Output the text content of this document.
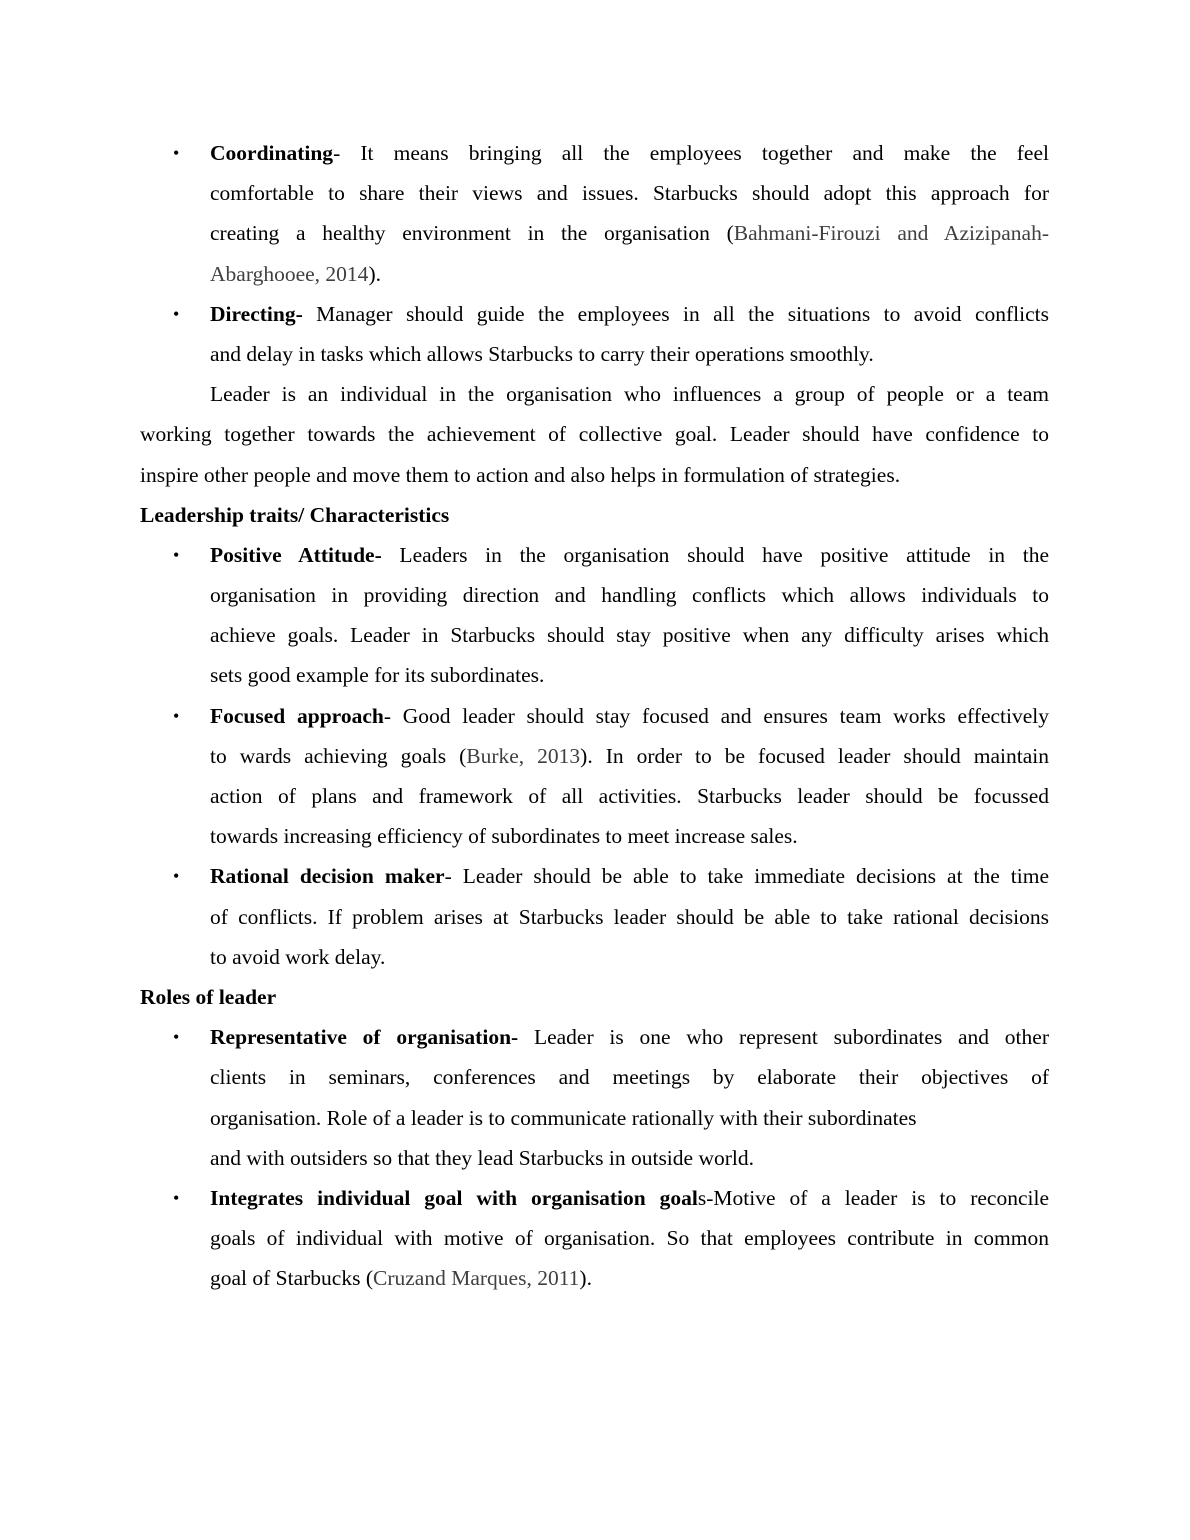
• Coordinating- It means bringing all the employees together and make the feel
comfortable to share their views and issues. Starbucks should adopt this approach for
creating a healthy environment in the organisation (Bahmani-Firouzi and Azizipanah-
Abarghooee, 2014).
• Directing- Manager should guide the employees in all the situations to avoid conflicts
and delay in tasks which allows Starbucks to carry their operations smoothly.
Leader is an individual in the organisation who influences a group of people or a team
working together towards the achievement of collective goal. Leader should have confidence to
inspire other people and move them to action and also helps in formulation of strategies.
Leadership traits/ Characteristics
• Positive Attitude- Leaders in the organisation should have positive attitude in the
organisation in providing direction and handling conflicts which allows individuals to
achieve goals. Leader in Starbucks should stay positive when any difficulty arises which
sets good example for its subordinates.
• Focused approach- Good leader should stay focused and ensures team works effectively
to wards achieving goals (Burke, 2013). In order to be focused leader should maintain
action of plans and framework of all activities. Starbucks leader should be focussed
towards increasing efficiency of subordinates to meet increase sales.
• Rational decision maker- Leader should be able to take immediate decisions at the time
of conflicts. If problem arises at Starbucks leader should be able to take rational decisions
to avoid work delay.
Roles of leader
• Representative of organisation- Leader is one who represent subordinates and other
clients in seminars, conferences and meetings by elaborate their objectives of
organisation. Role of a leader is to communicate rationally with their subordinates
and with outsiders so that they lead Starbucks in outside world.
• Integrates individual goal with organisation goals-Motive of a leader is to reconcile
goals of individual with motive of organisation. So that employees contribute in common
goal of Starbucks (Cruzand Marques, 2011).
